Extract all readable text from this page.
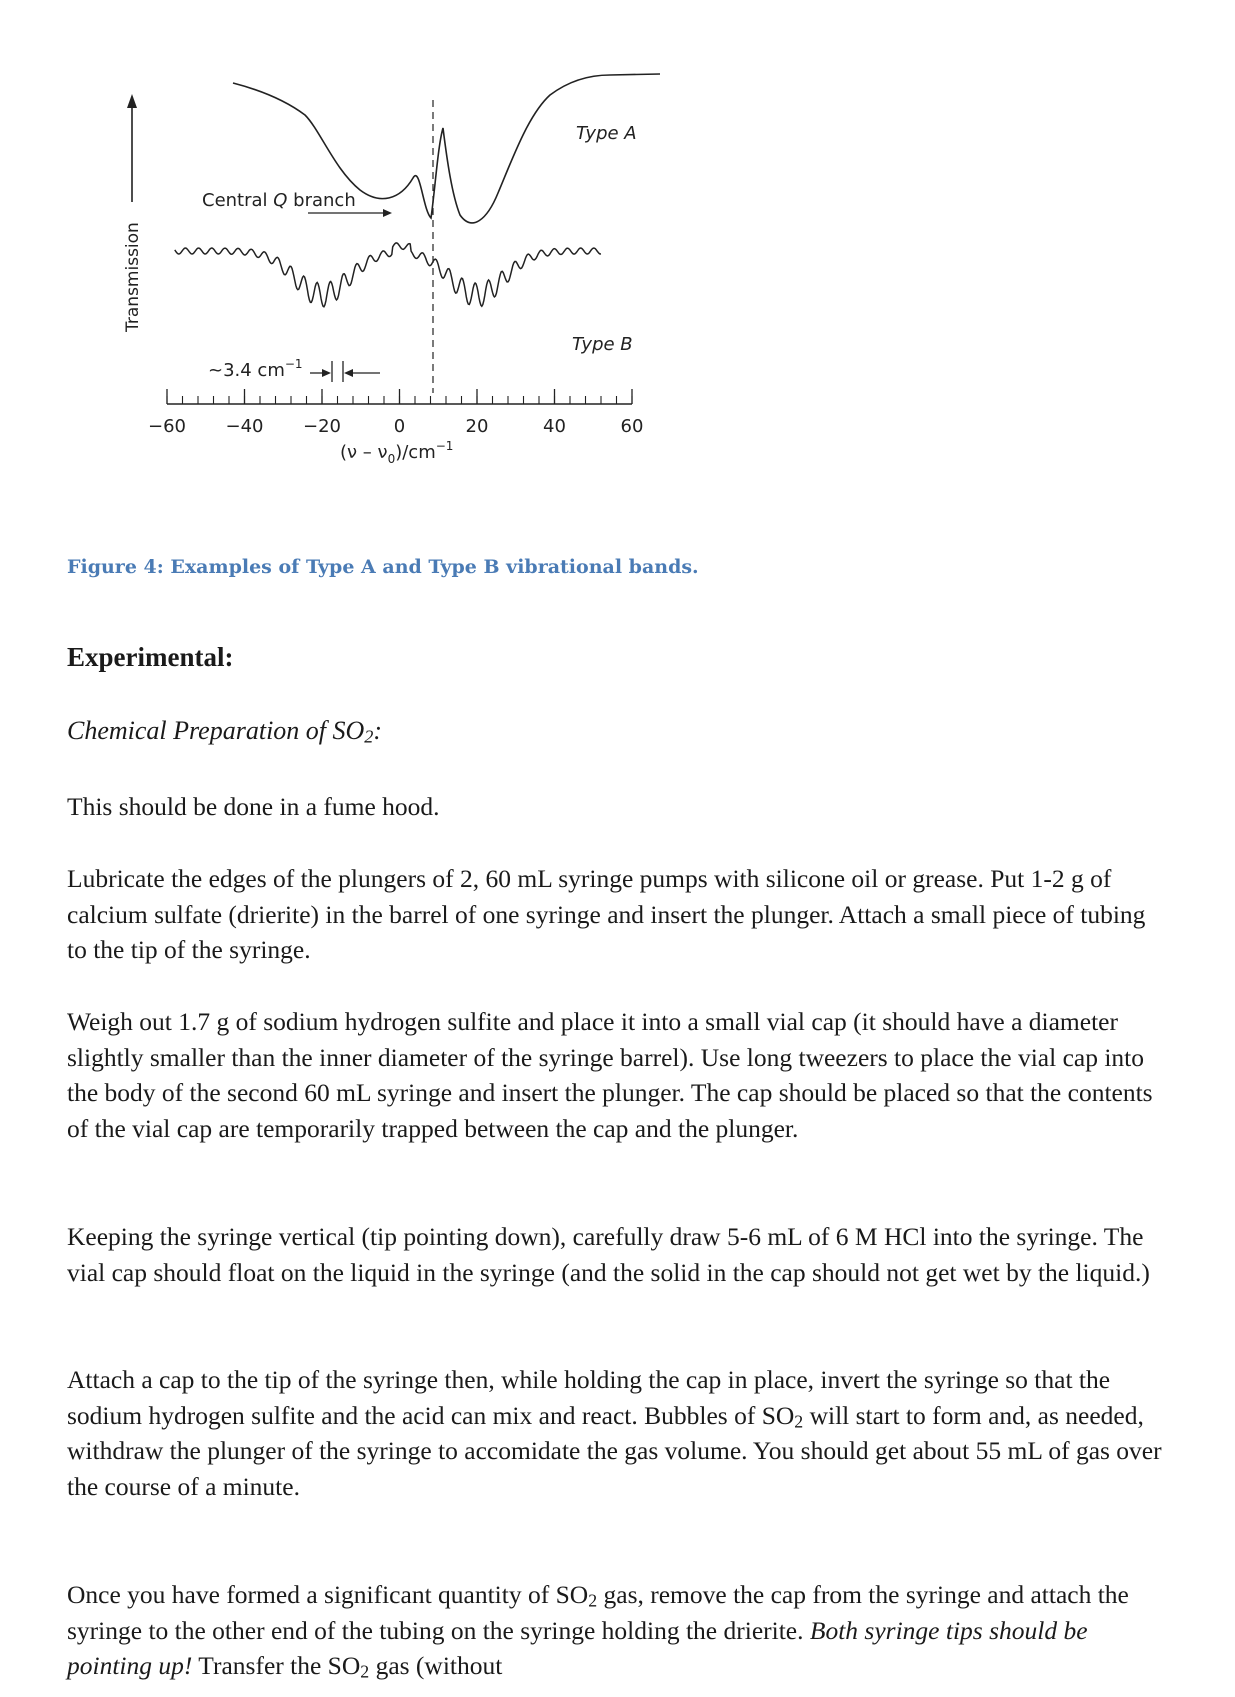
Transmission
Type A
Type B
Central Q branch
~3.4 $cm^{-1}$
−60 −40 −20	0	20	40	60
$(\nu - \nu_0)/cm^{-1}$
Figure 4: Examples of Type A and Type B vibrational bands.
Experimental:
Chemical Preparation of $SO_2$:

This should be done in a fume hood.

Lubricate the edges of the plungers of 2, 60 mL syringe pumps with silicone oil or grease. Put 1-2 g of calcium sulfate (drierite) in the barrel of one syringe and insert the plunger. Attach a small piece of tubing to the tip of the syringe.

Weigh out 1.7 g of sodium hydrogen sulfite and place it into a small vial cap (it should have a diameter slightly smaller than the inner diameter of the syringe barrel). Use long tweezers to place the vial cap into the body of the second 60 mL syringe and insert the plunger. The cap should be placed so that the contents of the vial cap are temporarily trapped between the cap and the plunger.

Keeping the syringe vertical (tip pointing down), carefully draw 5-6 mL of 6 M HCl into the syringe. The vial cap should float on the liquid in the syringe (and the solid in the cap should not get wet by the liquid.)

Attach a cap to the tip of the syringe then, while holding the cap in place, invert the syringe so that the sodium hydrogen sulfite and the acid can mix and react. Bubbles of $SO_2$ will start to form and, as needed, withdraw the plunger of the syringe to accomidate the gas volume. You should get about 55 mL of gas over the course of a minute.

Once you have formed a significant quantity of $SO_2$ gas, remove the cap from the syringe and attach the syringe to the other end of the tubing on the syringe holding the drierite. Both syringe tips should be pointing up! Transfer the $SO_2$ gas (without
